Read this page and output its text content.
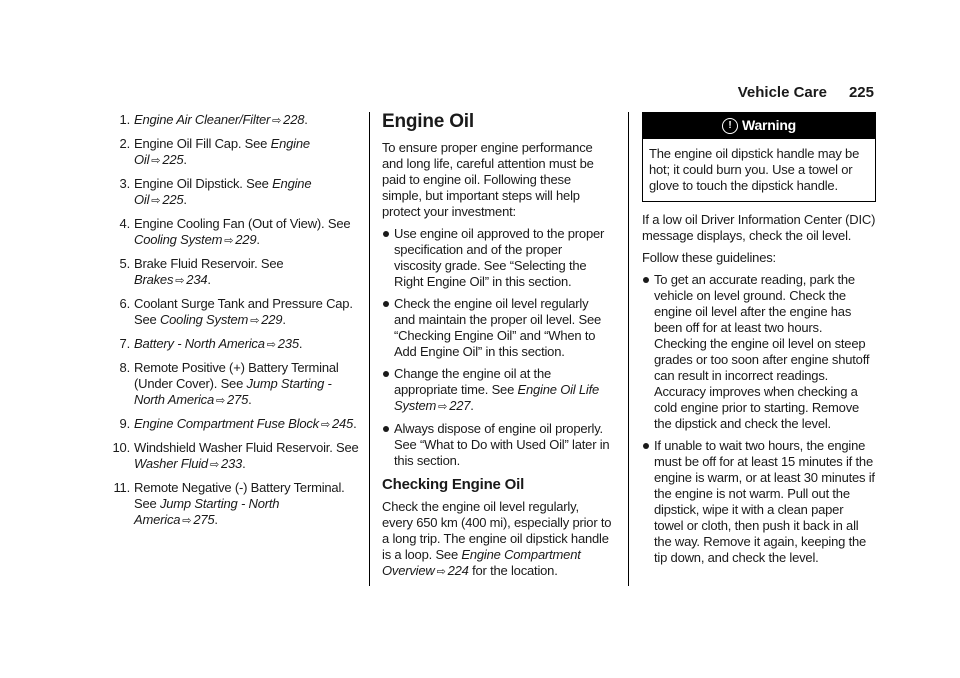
Vehicle Care 225
1. Engine Air Cleaner/Filter ⇨ 228.
2. Engine Oil Fill Cap. See Engine Oil ⇨ 225.
3. Engine Oil Dipstick. See Engine Oil ⇨ 225.
4. Engine Cooling Fan (Out of View). See Cooling System ⇨ 229.
5. Brake Fluid Reservoir. See Brakes ⇨ 234.
6. Coolant Surge Tank and Pressure Cap. See Cooling System ⇨ 229.
7. Battery - North America ⇨ 235.
8. Remote Positive (+) Battery Terminal (Under Cover). See Jump Starting - North America ⇨ 275.
9. Engine Compartment Fuse Block ⇨ 245.
10. Windshield Washer Fluid Reservoir. See Washer Fluid ⇨ 233.
11. Remote Negative (-) Battery Terminal. See Jump Starting - North America ⇨ 275.
Engine Oil

To ensure proper engine performance and long life, careful attention must be paid to engine oil. Following these simple, but important steps will help protect your investment:

Use engine oil approved to the proper specification and of the proper viscosity grade. See “Selecting the Right Engine Oil” in this section.
Check the engine oil level regularly and maintain the proper oil level. See “Checking Engine Oil” and “When to Add Engine Oil” in this section.
Change the engine oil at the appropriate time. See Engine Oil Life System ⇨ 227.
Always dispose of engine oil properly. See “What to Do with Used Oil” later in this section.
Checking Engine Oil

Check the engine oil level regularly, every 650 km (400 mi), especially prior to a long trip. The engine oil dipstick handle is a loop. See Engine Compartment Overview ⇨ 224 for the location.

! Warning
The engine oil dipstick handle may be hot; it could burn you. Use a towel or glove to touch the dipstick handle.

If a low oil Driver Information Center (DIC) message displays, check the oil level.

Follow these guidelines:

To get an accurate reading, park the vehicle on level ground. Check the engine oil level after the engine has been off for at least two hours. Checking the engine oil level on steep grades or too soon after engine shutoff can result in incorrect readings. Accuracy improves when checking a cold engine prior to starting. Remove the dipstick and check the level.
If unable to wait two hours, the engine must be off for at least 15 minutes if the engine is warm, or at least 30 minutes if the engine is not warm. Pull out the dipstick, wipe it with a clean paper towel or cloth, then push it back in all the way. Remove it again, keeping the tip down, and check the level.
